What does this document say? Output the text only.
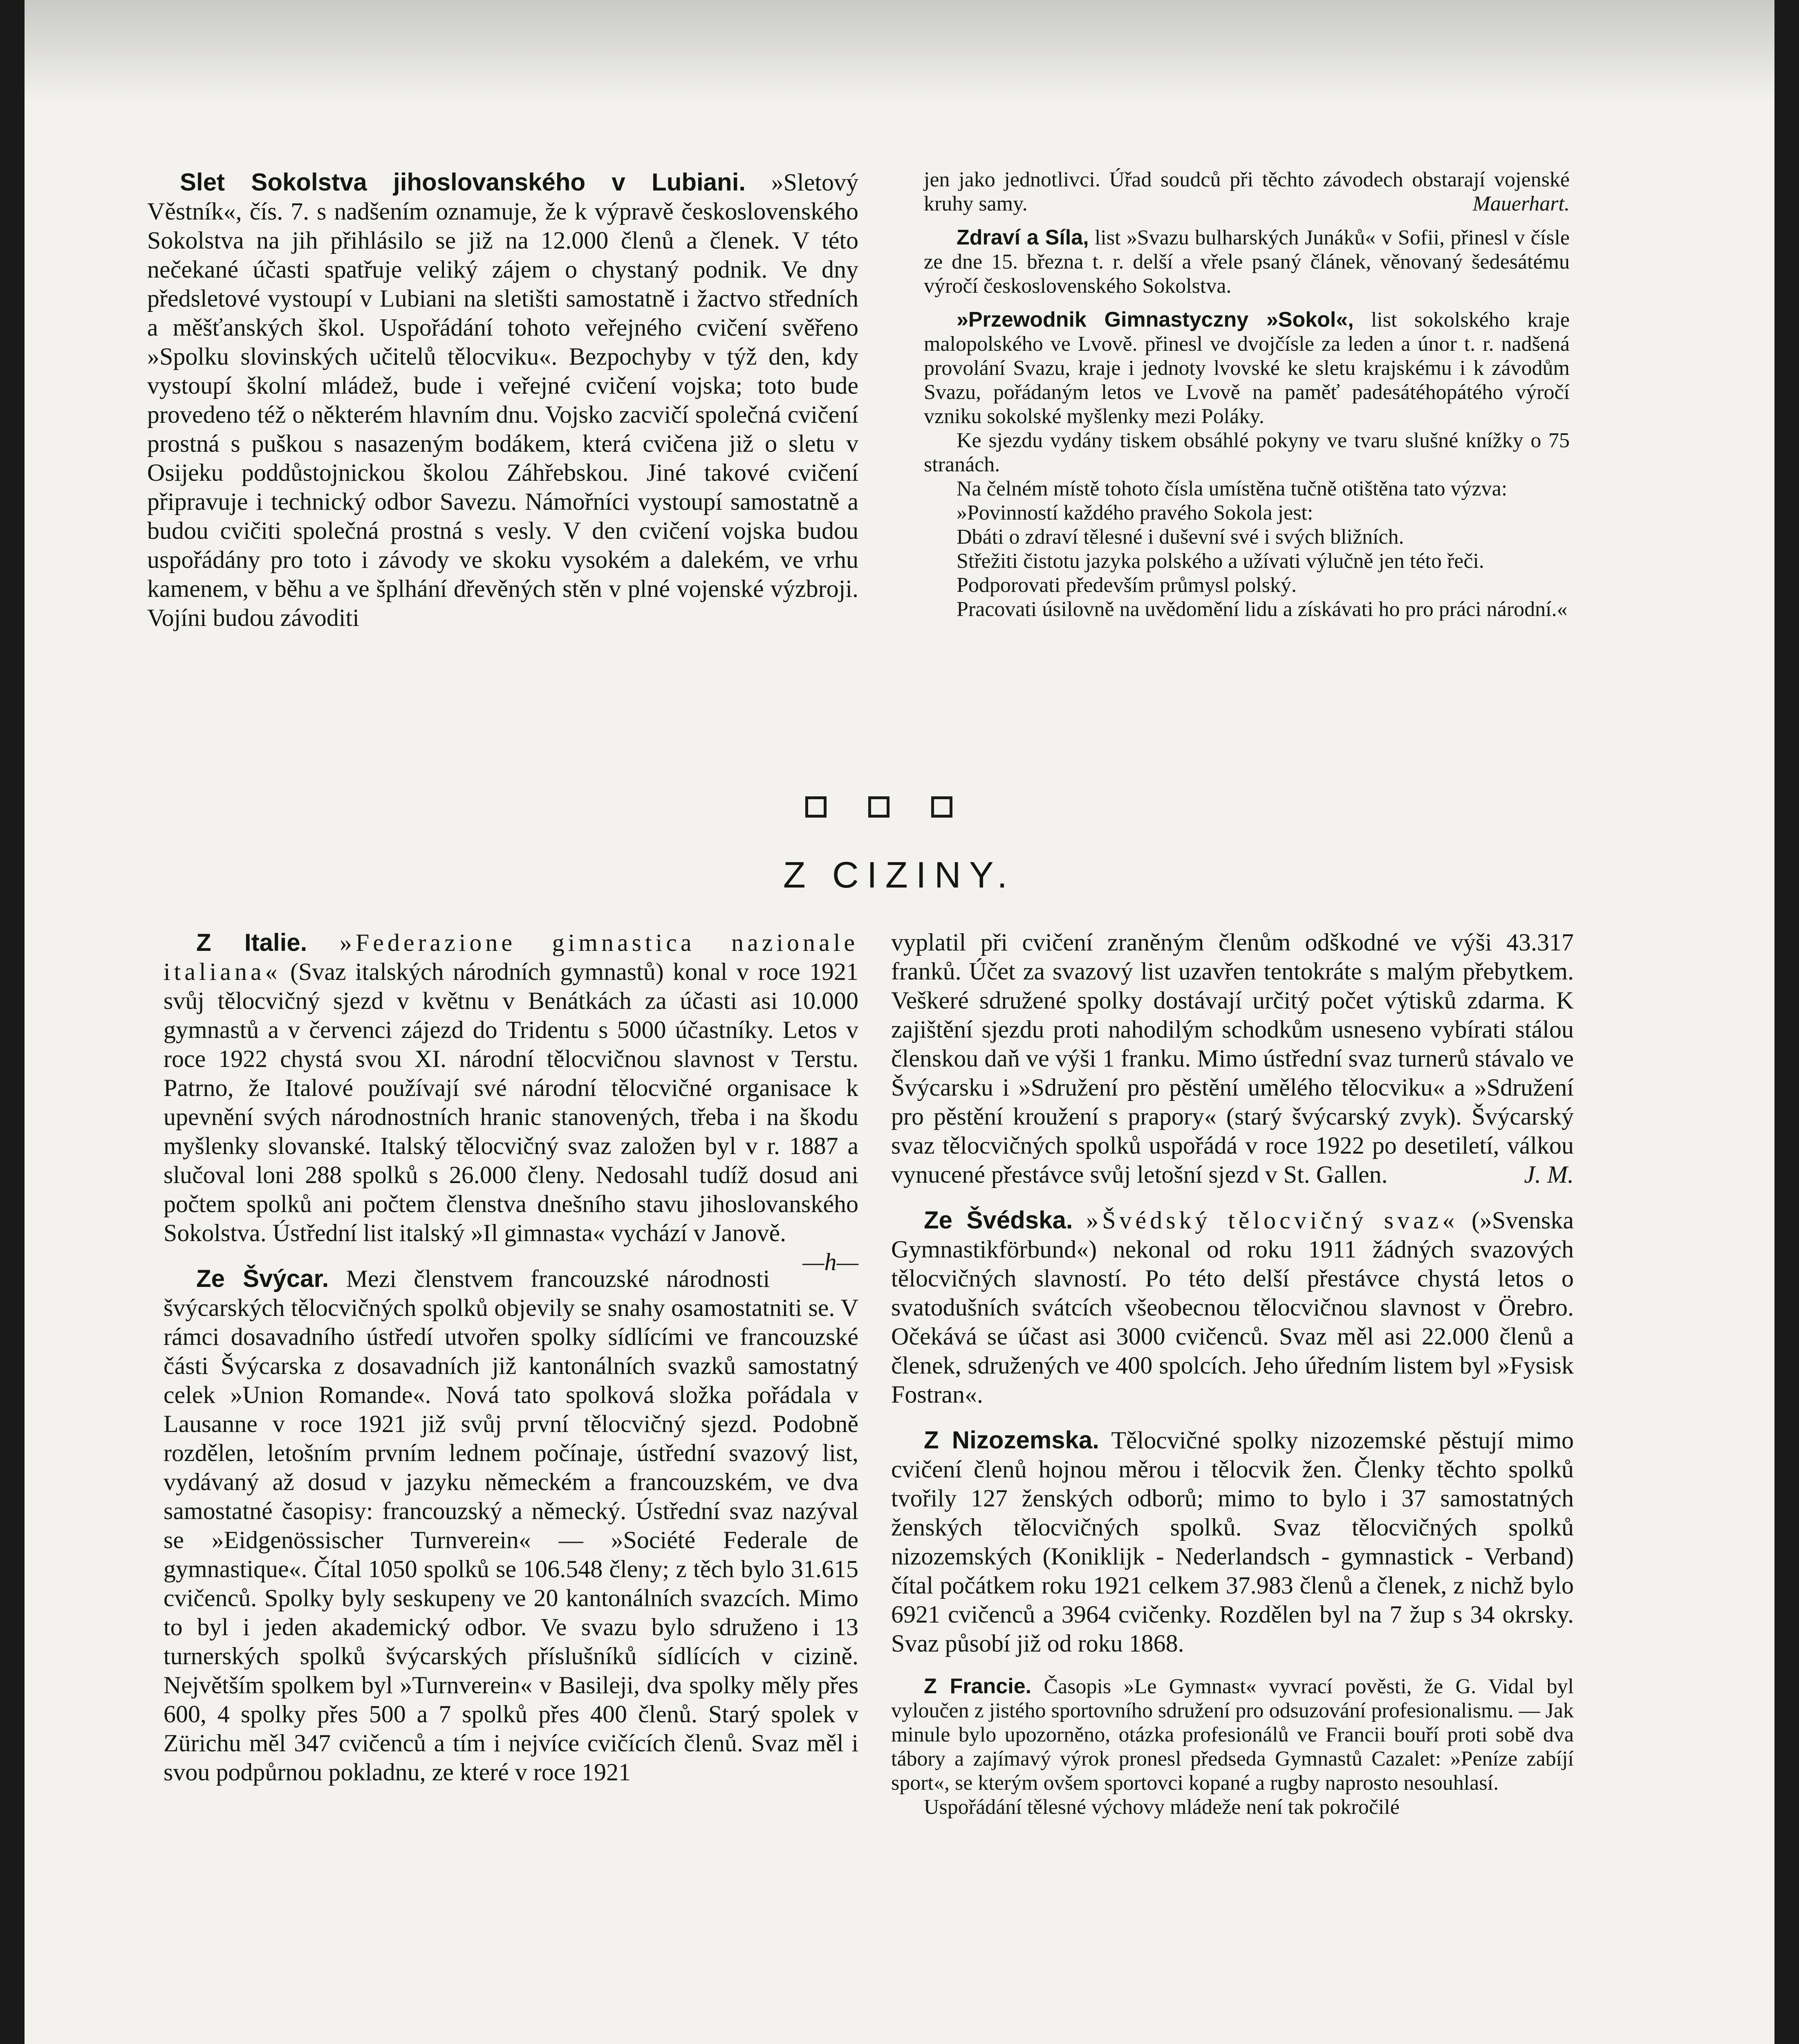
Slet Sokolstva jihoslovanského v Lubiani. »Sletový Věstník«, čís. 7. s nadšením oznamuje, že k výpravě československého Sokolstva na jih přihlásilo se již na 12.000 členů a členek. V této nečekané účasti spatřuje veliký zájem o chystaný podnik. Ve dny předsletové vystoupí v Lubiani na sletišti samostatně i žactvo středních a měšťanských škol. Uspořádání tohoto veřejného cvičení svěřeno »Spolku slovinských učitelů tělocviku«. Bezpochyby v týž den, kdy vystoupí školní mládež, bude i veřejné cvičení vojska; toto bude provedeno též o některém hlavním dnu. Vojsko zacvičí společná cvičení prostná s puškou s nasazeným bodákem, která cvičena již o sletu v Osijeku poddůstojnickou školou Záhřebskou. Jiné takové cvičení připravuje i technický odbor Savezu. Námořníci vystoupí samostatně a budou cvičiti společná prostná s vesly. V den cvičení vojska budou uspořádány pro toto i závody ve skoku vysokém a dalekém, ve vrhu kamenem, v běhu a ve šplhání dřevěných stěn v plné vojenské výzbroji. Vojíni budou závoditi

jen jako jednotlivci. Úřad soudců při těchto závodech obstarají vojenské kruhy samy.	Mauerhart.

Zdraví a Síla, list »Svazu bulharských Junáků« v Sofii, přinesl v čísle ze dne 15. března t. r. delší a vřele psaný článek, věnovaný šedesátému výročí československého Sokolstva.

»Przewodnik Gimnastyczny »Sokol«, list sokolského kraje malopolského ve Lvově. přinesl ve dvojčísle za leden a únor t. r. nadšená provolání Svazu, kraje i jednoty lvovské ke sletu krajskému i k závodům Svazu, pořádaným letos ve Lvově na paměť padesátéhopátého výročí vzniku sokolské myšlenky mezi Poláky.

Ke sjezdu vydány tiskem obsáhlé pokyny ve tvaru slušné knížky o 75 stranách.

Na čelném místě tohoto čísla umístěna tučně otištěna tato výzva:

»Povinností každého pravého Sokola jest:

Dbáti o zdraví tělesné i duševní své i svých bližních.

Střežiti čistotu jazyka polského a užívati výlučně jen této řeči.

Podporovati především průmysl polský.

Pracovati úsilovně na uvědomění lidu a získávati ho pro práci národní.«

Z CIZINY.

Z Italie. »Federazione gimnastica nazionale italiana« (Svaz italských národních gymnastů) konal v roce 1921 svůj tělocvičný sjezd v květnu v Benátkách za účasti asi 10.000 gymnastů a v červenci zájezd do Tridentu s 5000 účastníky. Letos v roce 1922 chystá svou XI. národní tělocvičnou slavnost v Terstu. Patrno, že Italové používají své národní tělocvičné organisace k upevnění svých národnostních hranic stanovených, třeba i na škodu myšlenky slovanské. Italský tělocvičný svaz založen byl v r. 1887 a slučoval loni 288 spolků s 26.000 členy. Nedosahl tudíž dosud ani počtem spolků ani počtem členstva dnešního stavu jihoslovanského Sokolstva. Ústřední list italský »Il gimnasta« vychází v Janově.
—h—

Ze Švýcar. Mezi členstvem francouzské národnosti švýcarských tělocvičných spolků objevily se snahy osamostatniti se. V rámci dosavadního ústředí utvořen spolky sídlícími ve francouzské části Švýcarska z dosavadních již kantonálních svazků samostatný celek »Union Romande«. Nová tato spolková složka pořádala v Lausanne v roce 1921 již svůj první tělocvičný sjezd. Podobně rozdělen, letošním prvním lednem počínaje, ústřední svazový list, vydávaný až dosud v jazyku německém a francouzském, ve dva samostatné časopisy: francouzský a německý. Ústřední svaz nazýval se »Eidgenössischer Turnverein« — »Société Federale de gymnastique«. Čítal 1050 spolků se 106.548 členy; z těch bylo 31.615 cvičenců. Spolky byly seskupeny ve 20 kantonálních svazcích. Mimo to byl i jeden akademický odbor. Ve svazu bylo sdruženo i 13 turnerských spolků švýcarských příslušníků sídlících v cizině. Největším spolkem byl »Turnverein« v Basileji, dva spolky měly přes 600, 4 spolky přes 500 a 7 spolků přes 400 členů. Starý spolek v Zürichu měl 347 cvičenců a tím i nejvíce cvičících členů. Svaz měl i svou podpůrnou pokladnu, ze které v roce 1921

vyplatil při cvičení zraněným členům odškodné ve výši 43.317 franků. Účet za svazový list uzavřen tentokráte s malým přebytkem. Veškeré sdružené spolky dostávají určitý počet výtisků zdarma. K zajištění sjezdu proti nahodilým schodkům usneseno vybírati stálou členskou daň ve výši 1 franku. Mimo ústřední svaz turnerů stávalo ve Švýcarsku i »Sdružení pro pěstění umělého tělocviku« a »Sdružení pro pěstění kroužení s prapory« (starý švýcarský zvyk). Švýcarský svaz tělocvičných spolků uspořádá v roce 1922 po desetiletí, válkou vynucené přestávce svůj letošní sjezd v St. Gallen.	J. M.

Ze Švédska. »Švédský tělocvičný svaz« (»Svenska Gymnastikförbund«) nekonal od roku 1911 žádných svazových tělocvičných slavností. Po této delší přestávce chystá letos o svatodušních svátcích všeobecnou tělocvičnou slavnost v Örebro. Očekává se účast asi 3000 cvičenců. Svaz měl asi 22.000 členů a členek, sdružených ve 400 spolcích. Jeho úředním listem byl »Fysisk Fostran«.

Z Nizozemska. Tělocvičné spolky nizozemské pěstují mimo cvičení členů hojnou měrou i tělocvik žen. Členky těchto spolků tvořily 127 ženských odborů; mimo to bylo i 37 samostatných ženských tělocvičných spolků. Svaz tělocvičných spolků nizozemských (Koniklijk - Nederlandsch - gymnastick - Verband) čítal počátkem roku 1921 celkem 37.983 členů a členek, z nichž bylo 6921 cvičenců a 3964 cvičenky. Rozdělen byl na 7 žup s 34 okrsky. Svaz působí již od roku 1868.

Z Francie. Časopis »Le Gymnast« vyvrací pověsti, že G. Vidal byl vyloučen z jistého sportovního sdružení pro odsuzování profesionalismu. — Jak minule bylo upozorněno, otázka profesionálů ve Francii bouří proti sobě dva tábory a zajímavý výrok pronesl předseda Gymnastů Cazalet: »Peníze zabíjí sport«, se kterým ovšem sportovci kopané a rugby naprosto nesouhlasí.

Uspořádání tělesné výchovy mládeže není tak pokročilé
